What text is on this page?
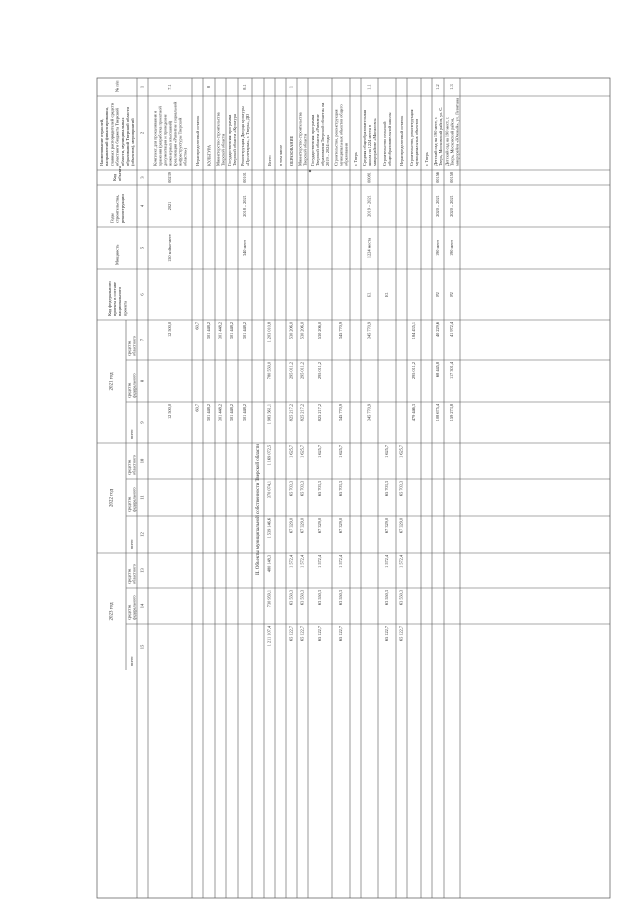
№ п/п
Наименование отраслей,направлений финансирования,главных распорядителей средствобластного бюджета Тверскойобласти, муниципальныхобразований Тверской области(объектов), мероприятий
Кодобъекта
Годыстроительства,реконструкции
Мощность
Код федеральногопроекта в составенациональногопроекта
2021 год
2022 год
2023 год
средстваобластного
средствафедерального
всего
средстваобластного
средствафедерального
всего
средстваобластного
средствафедерального
всего
1
2
3
4
5
6
7
8
9
10
11
12
13
14
15
7.1
Комплекс для прокаливания ихранения (разработка проектнойдокументации и проведениеинженерных изысканий)(реализация «Развитие социальнойинфраструктуры Тверскойобласти»)
00239
2021
150 койко-мест
12 500,0
12 500,0
Нераспределенный остаток
60,7
60,7
8
КУЛЬТУРА
301 448,2
301 448,2
Министерство строительстваТверской области
301 448,2
301 448,2
Государственная программаТверской области «Культура
301 448,2
301 448,2
8.1
Реконструкция Дворца культуры«Пролетарка», г. Тверь», ДО
00101
2018 – 2021
340 мест
301 448,2
301 448,2
II. Объекты муниципальной собственности Тверской области
Всего
1 203 010,8
780 550,0
1 983 561,1
1 169 072,5
370 074,1
1 539 146,6
480 148,3
730 959,1
1 211 107,4
в том числе
1
ОБРАЗОВАНИЕ
530 206,0
295 011,2
825 217,2
1 625,7
65 703,3
67 329,0
1 572,4
63 550,3
65 122,7
Министерство строительстваТверской области
530 206,0
295 011,2
825 217,2
1 625,7
65 703,3
67 329,0
1 572,4
63 550,3
65 122,7
Государственная программаТверской области «Развитиеобразования Тверской области» на2019 – 2024 годы
530 206,0
295 011,2
825 217,2
1 625,7
65 703,3
67 329,0
1 572,4
63 550,3
65 122,7
Строительство, реконструкциямуниципальных объектов общегообразования
345 770,9
345 770,9
1 625,7
65 703,3
67 329,0
1 572,4
63 550,3
65 122,7
г. Тверь
1.1
Средняя общеобразовательнаяшкола на 1224 места вмикрорайоне «Мигалово»
00081
2019 – 2021
1224 места
E1
345 770,9
345 770,9
Строительство сельскойобщеобразовательной школы
E1
1 625,7
65 703,3
67 329,0
1 572,4
63 550,3
65 122,7
Нераспределенный остаток
1 625,7
65 703,3
67 329,0
1 572,4
63 550,3
65 122,7
Строительство, реконструкциямуниципальных объектов
184 435,1
295 011,2
479 446,3
г. Тверь
1.2
Детский сад на 190 мест, г.Тверь, Московский район, ул. С.
00156
2020 – 2021
190 мест
P2
40 229,6
68 445,8
108 675,4
1.3
Детский сад на 190 мест, г.Тверь, Московский район,микрорайон «Южный», ул. Левитана
00158
2020 – 2021
190 мест
P2
41 972,4
117 301,4
159 273,8
